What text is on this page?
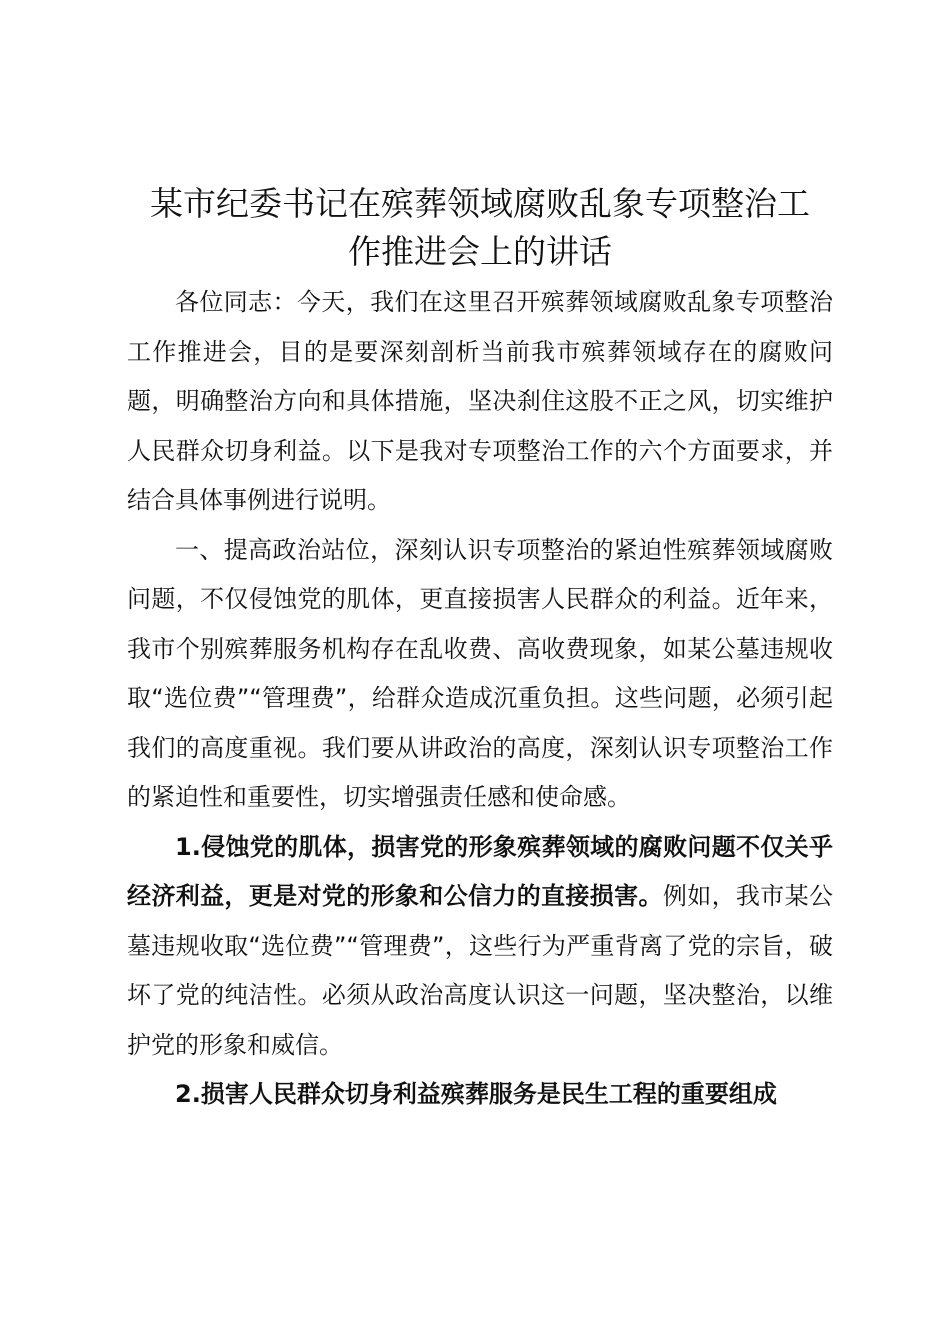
某市纪委书记在殡葬领域腐败乱象专项整治工
作推进会上的讲话

各位同志：今天，我们在这里召开殡葬领域腐败乱象专项整治工作推进会，目的是要深刻剖析当前我市殡葬领域存在的腐败问题，明确整治方向和具体措施，坚决刹住这股不正之风，切实维护人民群众切身利益。以下是我对专项整治工作的六个方面要求，并结合具体事例进行说明。

一、提高政治站位，深刻认识专项整治的紧迫性殡葬领域腐败问题，不仅侵蚀党的肌体，更直接损害人民群众的利益。近年来，我市个别殡葬服务机构存在乱收费、高收费现象，如某公墓违规收取“选位费”“管理费”，给群众造成沉重负担。这些问题，必须引起我们的高度重视。我们要从讲政治的高度，深刻认识专项整治工作的紧迫性和重要性，切实增强责任感和使命感。

1.侵蚀党的肌体，损害党的形象殡葬领域的腐败问题不仅关乎经济利益，更是对党的形象和公信力的直接损害。例如，我市某公墓违规收取“选位费”“管理费”，这些行为严重背离了党的宗旨，破坏了党的纯洁性。必须从政治高度认识这一问题，坚决整治，以维护党的形象和威信。

2.损害人民群众切身利益殡葬服务是民生工程的重要组成
